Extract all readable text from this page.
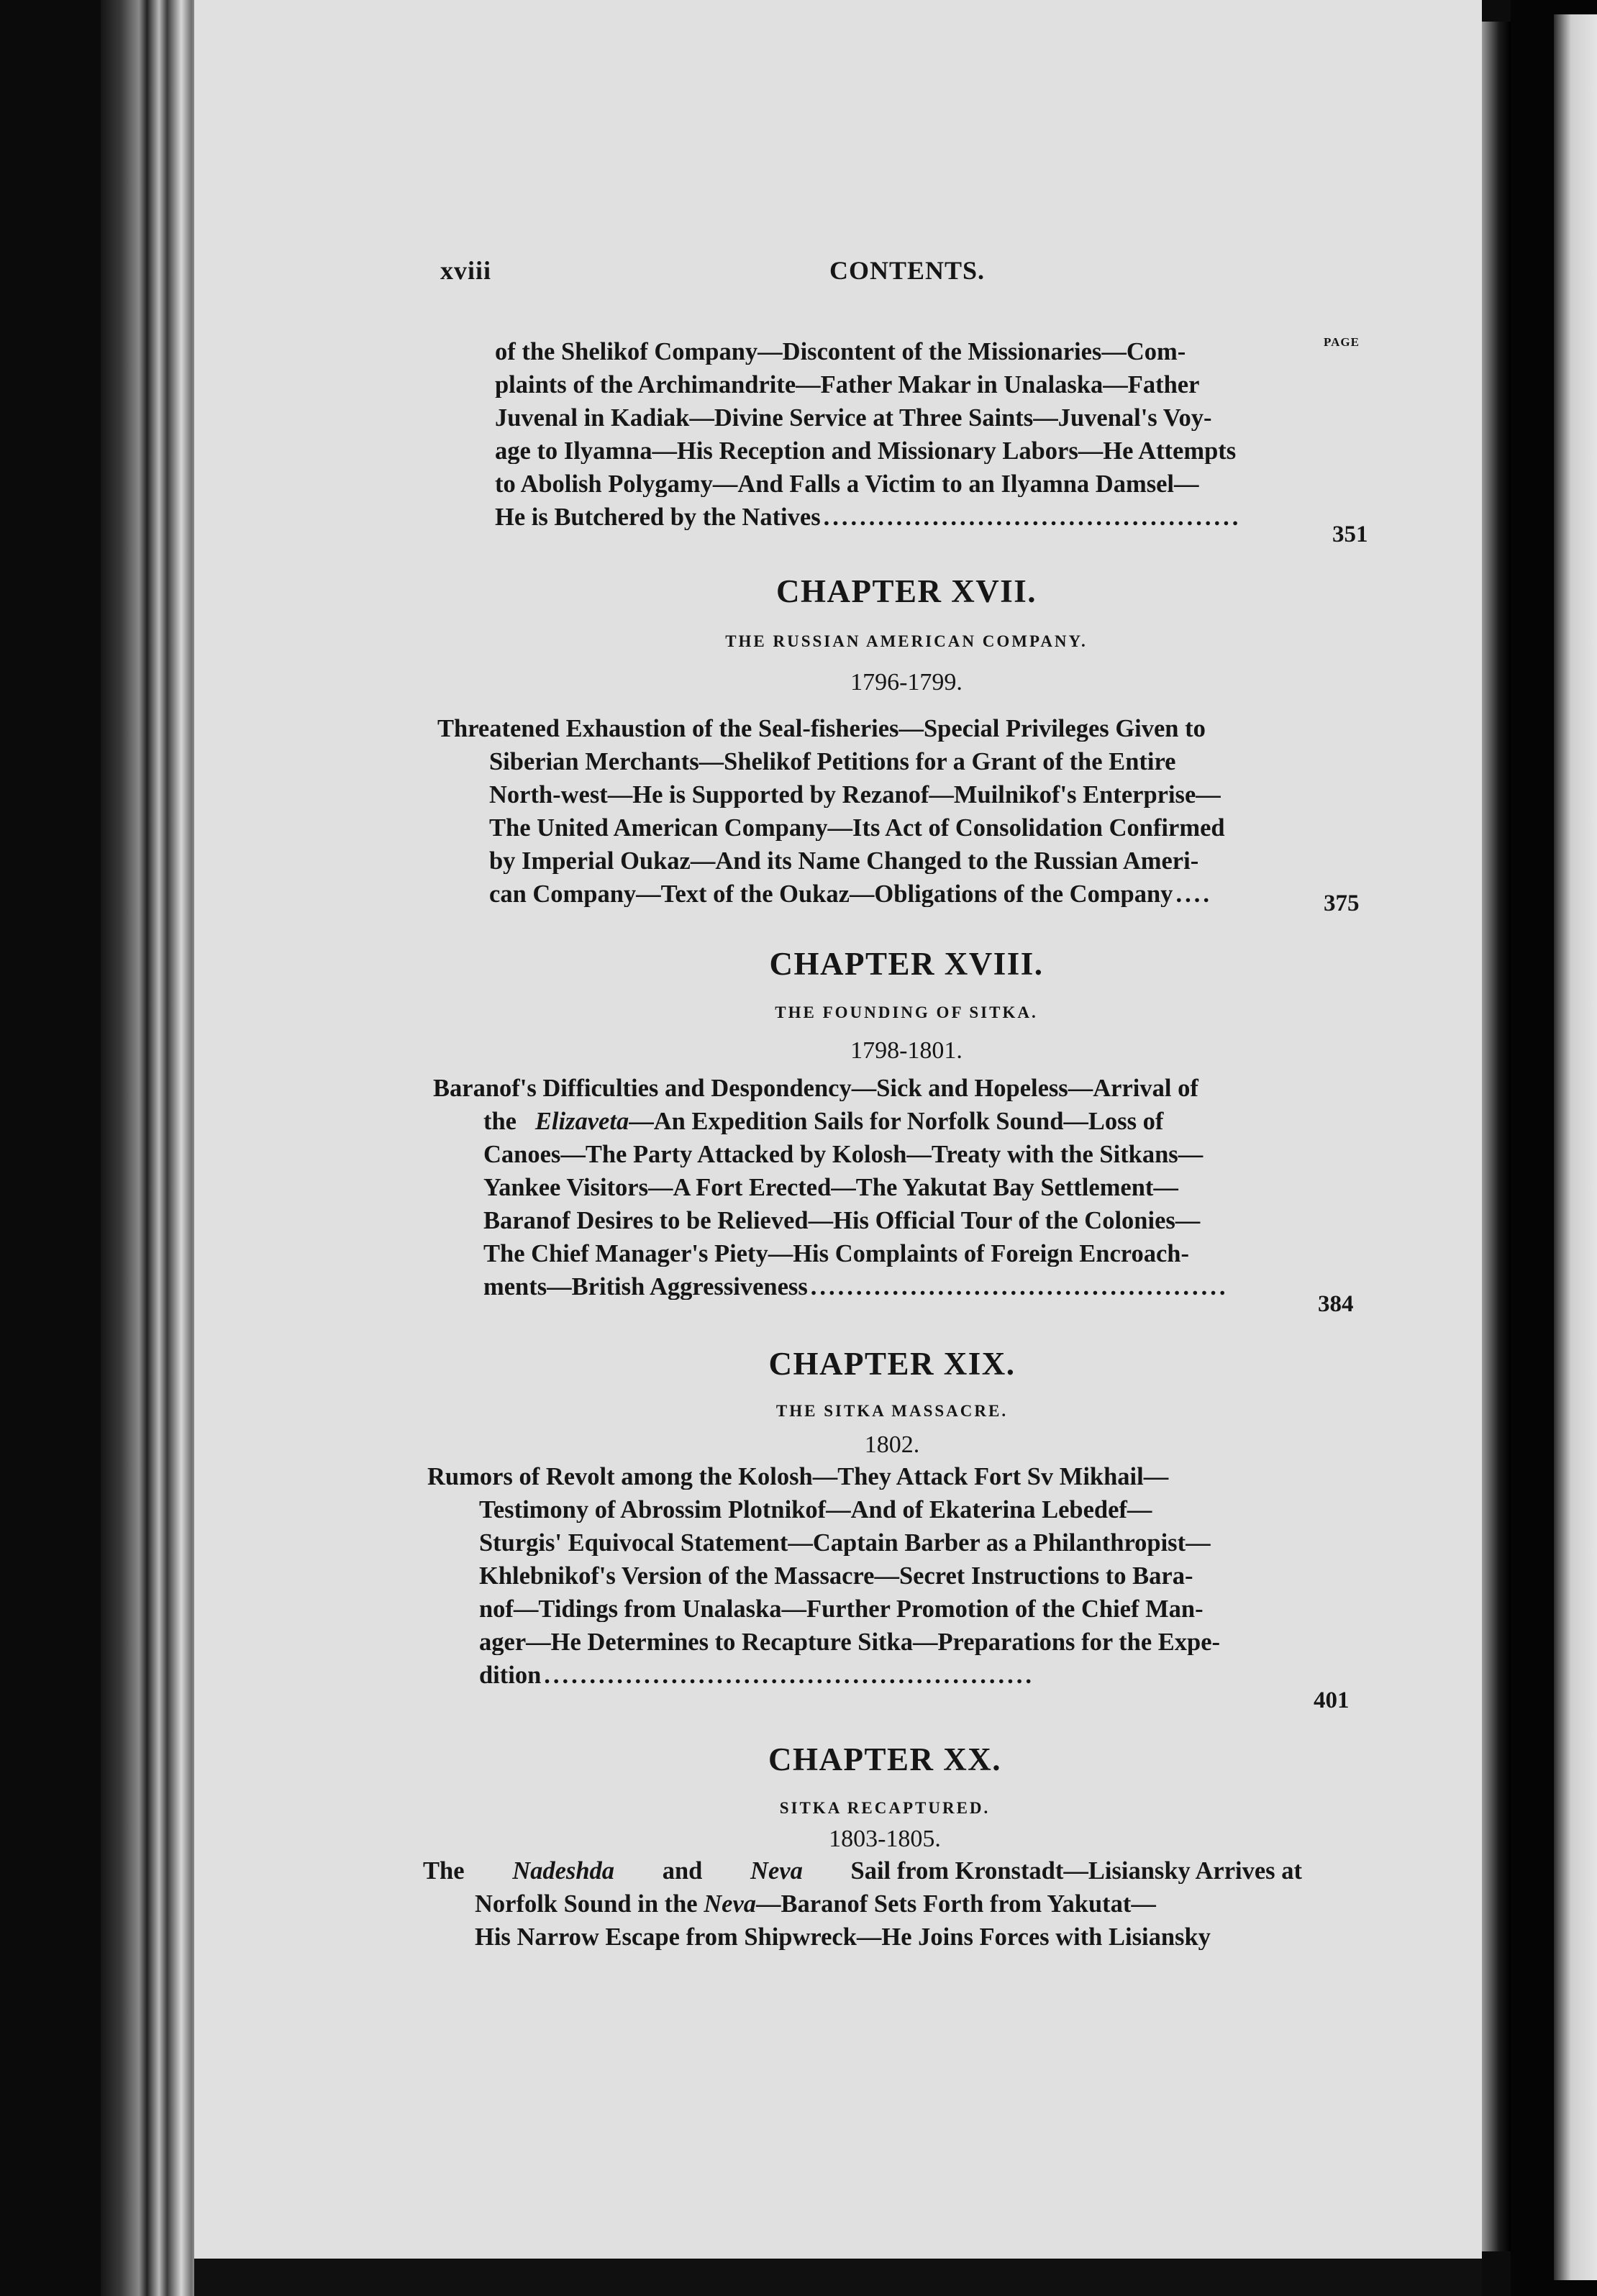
xviii	CONTENTS.
PAGE
of the Shelikof Company—Discontent of the Missionaries—Com-
plaints of the Archimandrite—Father Makar in Unalaska—Father
Juvenal in Kadiak—Divine Service at Three Saints—Juvenal's Voy-
age to Ilyamna—His Reception and Missionary Labors—He Attempts
to Abolish Polygamy—And Falls a Victim to an Ilyamna Damsel—
He is Butchered by the Natives ..............................................
351
CHAPTER XVII.
THE RUSSIAN AMERICAN COMPANY.
1796-1799.
Threatened Exhaustion of the Seal-fisheries—Special Privileges Given to
Siberian Merchants—Shelikof Petitions for a Grant of the Entire
North-west—He is Supported by Rezanof—Muilnikof's Enterprise—
The United American Company—Its Act of Consolidation Confirmed
by Imperial Oukaz—And its Name Changed to the Russian Ameri-
can Company—Text of the Oukaz—Obligations of the Company ....	375
CHAPTER XVIII.
THE FOUNDING OF SITKA.
1798-1801.
Baranof's Difficulties and Despondency—Sick and Hopeless—Arrival of
the Elizaveta—An Expedition Sails for Norfolk Sound—Loss of
Canoes—The Party Attacked by Kolosh—Treaty with the Sitkans—
Yankee Visitors—A Fort Erected—The Yakutat Bay Settlement—
Baranof Desires to be Relieved—His Official Tour of the Colonies—
The Chief Manager's Piety—His Complaints of Foreign Encroach-
ments—British Aggressiveness ..............................................
384
CHAPTER XIX.
THE SITKA MASSACRE.
1802.
Rumors of Revolt among the Kolosh—They Attack Fort Sv Mikhail—
Testimony of Abrossim Plotnikof—And of Ekaterina Lebedef—
Sturgis' Equivocal Statement—Captain Barber as a Philanthropist—
Khlebnikof's Version of the Massacre—Secret Instructions to Bara-
nof—Tidings from Unalaska—Further Promotion of the Chief Man-
ager—He Determines to Recapture Sitka—Preparations for the Expe-
dition ......................................................
401
CHAPTER XX.
SITKA RECAPTURED.
1803-1805.
The Nadeshda and Neva Sail from Kronstadt—Lisiansky Arrives at
Norfolk Sound in the Neva—Baranof Sets Forth from Yakutat—
His Narrow Escape from Shipwreck—He Joins Forces with Lisiansky
